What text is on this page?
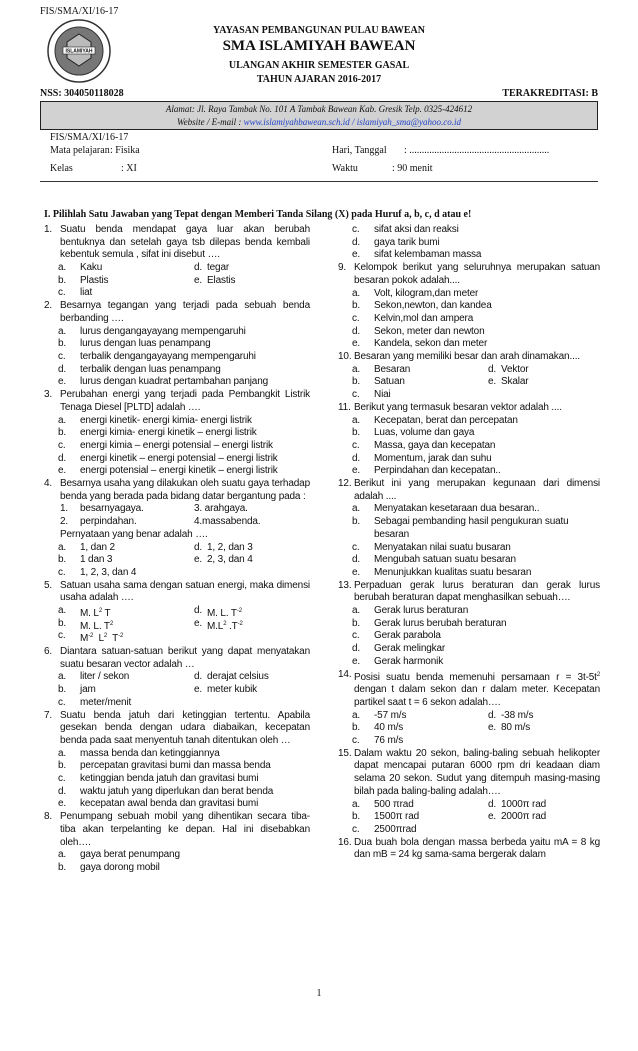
FIS/SMA/XI/16-17
ISLAMIYAH
YAYASAN PEMBANGUNAN PULAU BAWEAN
SMA ISLAMIYAH BAWEAN
ULANGAN AKHIR SEMESTER GASAL
TAHUN AJARAN 2016-2017
NSS: 304050118028	TERAKREDITASI: B
Alamat: Jl. Raya Tambak No. 101 A Tambak Bawean Kab. Gresik Telp. 0325-424612
Website / E-mail : www.islamiyahbawean.sch.id / islamiyah_sma@yahoo.co.id
FIS/SMA/XI/16-17
Mata pelajaran : Fisika	Hari, Tanggal : ........................................................
Kelas	: XI	Waktu	: 90 menit
I. Pilihlah Satu Jawaban yang Tepat dengan Memberi Tanda Silang (X) pada Huruf a, b, c, d atau e!
1. Suatu benda mendapat gaya luar akan berubah bentuknya dan setelah gaya tsb dilepas benda kembali kebentuk semula , sifat ini disebut ….
a. Kaku	d. tegar
b. Plastis	e. Elastis
c. liat
2. Besarnya tegangan yang terjadi pada sebuah benda berbanding ….
a. lurus dengangayayang mempengaruhi
b. lurus dengan luas penampang
c. terbalik dengangayayang mempengaruhi
d. terbalik dengan luas penampang
e. lurus dengan kuadrat pertambahan panjang
3. Perubahan energi yang terjadi pada Pembangkit Listrik Tenaga Diesel [PLTD] adalah ….
a. energi kinetik- energi kimia- energi listrik
b. energi kimia- energi kinetik – energi listrik
c. energi kimia – energi potensial – energi listrik
d. energi kinetik – energi potensial – energi listrik
e. energi potensial – energi kinetik – energi listrik
4. Besarnya usaha yang dilakukan oleh suatu gaya terhadap benda yang berada pada bidang datar bergantung pada :
1. besarnyagaya.	3. arahgaya.
2. perpindahan.	4.massabenda.
Pernyataan yang benar adalah ….
a. 1, dan 2	d. 1, 2, dan 3
b. 1 dan 3	e. 2, 3, dan 4
c. 1, 2, 3, dan 4
5. Satuan usaha sama dengan satuan energi, maka dimensi usaha adalah ….
a. M. $L^2$ T	d. M. L. $T^{-2}$
b. M. L. $T^2$	e. $M.L^2$ $.T^{-2}$
c. $M^{-2}$  $L^2$  $T^{-2}$
6. Diantara satuan-satuan berikut yang dapat menyatakan suatu besaran vector adalah …
a. liter / sekon	d. derajat celsius
b. jam	e. meter kubik
c. meter/menit
7. Suatu benda jatuh dari ketinggian tertentu. Apabila gesekan benda dengan udara diabaikan, kecepatan benda pada saat menyentuh tanah ditentukan oleh …
a. massa benda dan ketinggiannya
b. percepatan gravitasi bumi dan massa benda
c. ketinggian benda jatuh dan gravitasi bumi
d. waktu jatuh yang diperlukan dan berat benda
e. kecepatan awal benda dan gravitasi bumi
8. Penumpang sebuah mobil yang dihentikan secara tiba-tiba akan terpelanting ke depan. Hal ini disebabkan oleh….
a. gaya berat penumpang
b. gaya dorong mobil
c. sifat aksi dan reaksi
d. gaya tarik bumi
e. sifat kelembaman massa
9. Kelompok berikut yang seluruhnya merupakan satuan besaran pokok adalah....
a. Volt, kilogram,dan meter
b. Sekon,newton, dan kandea
c. Kelvin,mol dan ampera
d. Sekon, meter dan newton
e. Kandela, sekon dan meter
10. Besaran yang memiliki besar dan arah dinamakan....
a. Besaran	d. Vektor
b. Satuan	e. Skalar
c. Niai
11. Berikut yang termasuk besaran vektor adalah ....
a. Kecepatan, berat dan percepatan
b. Luas, volume dan gaya
c. Massa, gaya dan kecepatan
d. Momentum, jarak dan suhu
e. Perpindahan dan kecepatan..
12. Berikut ini yang merupakan kegunaan dari dimensi adalah ....
a. Menyatakan kesetaraan dua besaran..
b. Sebagai pembanding hasil pengukuran suatu besaran
c. Menyatakan nilai suatu busaran
d. Mengubah satuan suatu besaran
e. Menunjukkan kualitas suatu besaran
13. Perpaduan gerak lurus beraturan dan gerak lurus berubah beraturan dapat menghasilkan sebuah….
a. Gerak lurus beraturan
b. Gerak lurus berubah beraturan
c. Gerak parabola
d. Gerak melingkar
e. Gerak harmonik
14. Posisi suatu benda memenuhi persamaan $r = 3t-5t^2$ dengan t dalam sekon dan r dalam meter. Kecepatan partikel saat t = 6 sekon adalah….
a. -57 m/s	d. -38 m/s
b. 40 m/s	e. 80 m/s
c. 76 m/s
15. Dalam waktu 20 sekon, baling-baling sebuah helikopter dapat mencapai putaran 6000 rpm dri keadaan diam selama 20 sekon. Sudut yang ditempuh masing-masing bilah pada baling-baling adalah….
a. 500 πrad	d. 1000π rad
b. 1500π rad	e. 2000π rad
c. 2500πrad
16. Dua buah bola dengan massa berbeda yaitu mA = 8 kg dan mB = 24 kg sama-sama bergerak dalam
1
